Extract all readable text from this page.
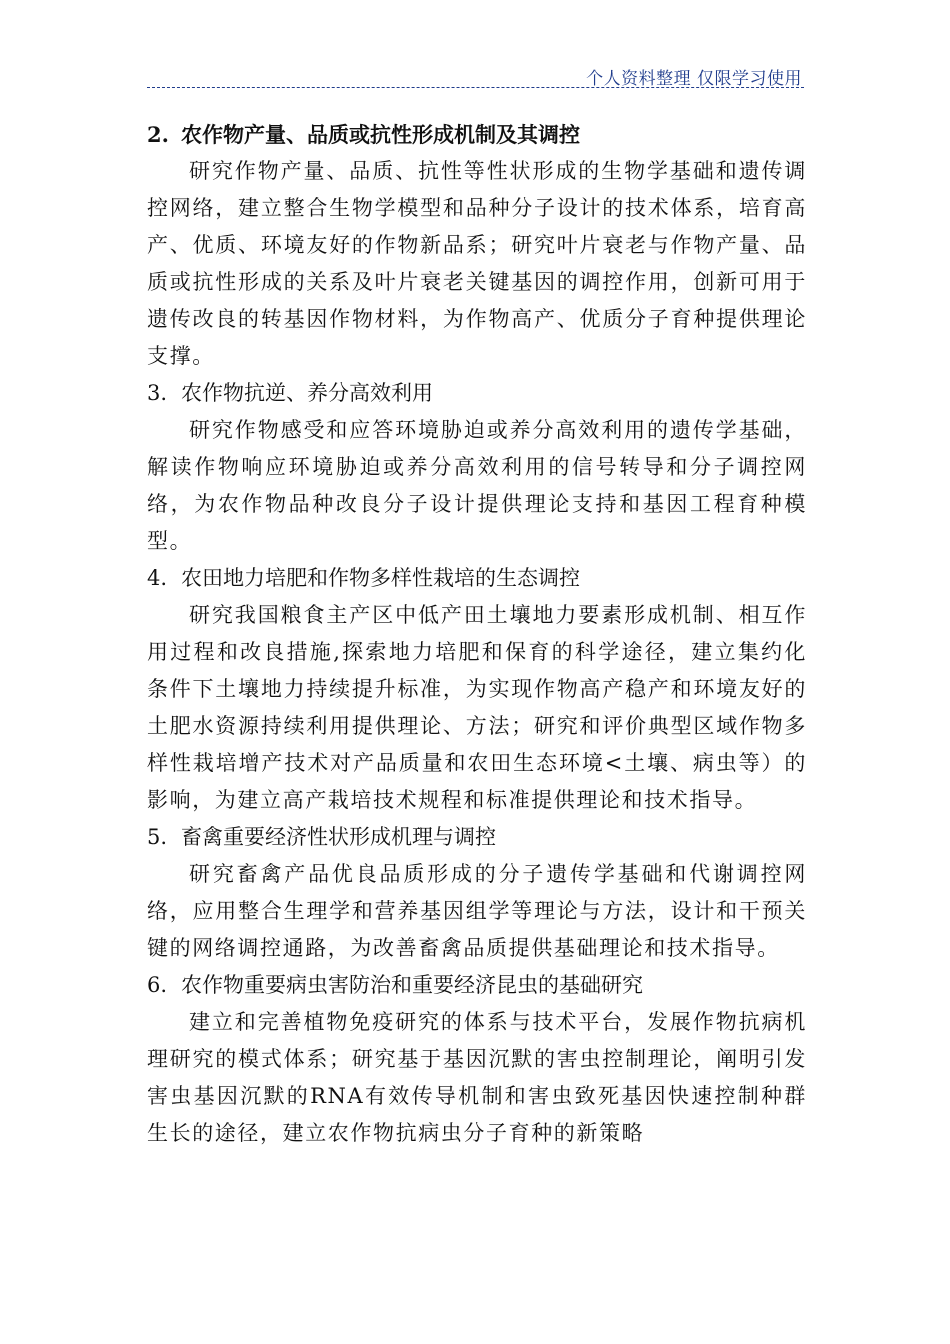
个人资料整理 仅限学习使用

2. 农作物产量、品质或抗性形成机制及其调控

研究作物产量、品质、抗性等性状形成的生物学基础和遗传调控网络，建立整合生物学模型和品种分子设计的技术体系，培育高产、优质、环境友好的作物新品系；研究叶片衰老与作物产量、品质或抗性形成的关系及叶片衰老关键基因的调控作用，创新可用于遗传改良的转基因作物材料，为作物高产、优质分子育种提供理论支撑。

3. 农作物抗逆、养分高效利用

研究作物感受和应答环境胁迫或养分高效利用的遗传学基础，解读作物响应环境胁迫或养分高效利用的信号转导和分子调控网络，为农作物品种改良分子设计提供理论支持和基因工程育种模型。

4. 农田地力培肥和作物多样性栽培的生态调控

研究我国粮食主产区中低产田土壤地力要素形成机制、相互作用过程和改良措施,探索地力培肥和保育的科学途径，建立集约化条件下土壤地力持续提升标准，为实现作物高产稳产和环境友好的土肥水资源持续利用提供理论、方法；研究和评价典型区域作物多样性栽培增产技术对产品质量和农田生态环境<土壤、病虫等）的影响，为建立高产栽培技术规程和标准提供理论和技术指导。

5. 畜禽重要经济性状形成机理与调控

研究畜禽产品优良品质形成的分子遗传学基础和代谢调控网络，应用整合生理学和营养基因组学等理论与方法，设计和干预关键的网络调控通路，为改善畜禽品质提供基础理论和技术指导。

6. 农作物重要病虫害防治和重要经济昆虫的基础研究

建立和完善植物免疫研究的体系与技术平台，发展作物抗病机理研究的模式体系；研究基于基因沉默的害虫控制理论，阐明引发害虫基因沉默的RNA有效传导机制和害虫致死基因快速控制种群生长的途径，建立农作物抗病虫分子育种的新策略
